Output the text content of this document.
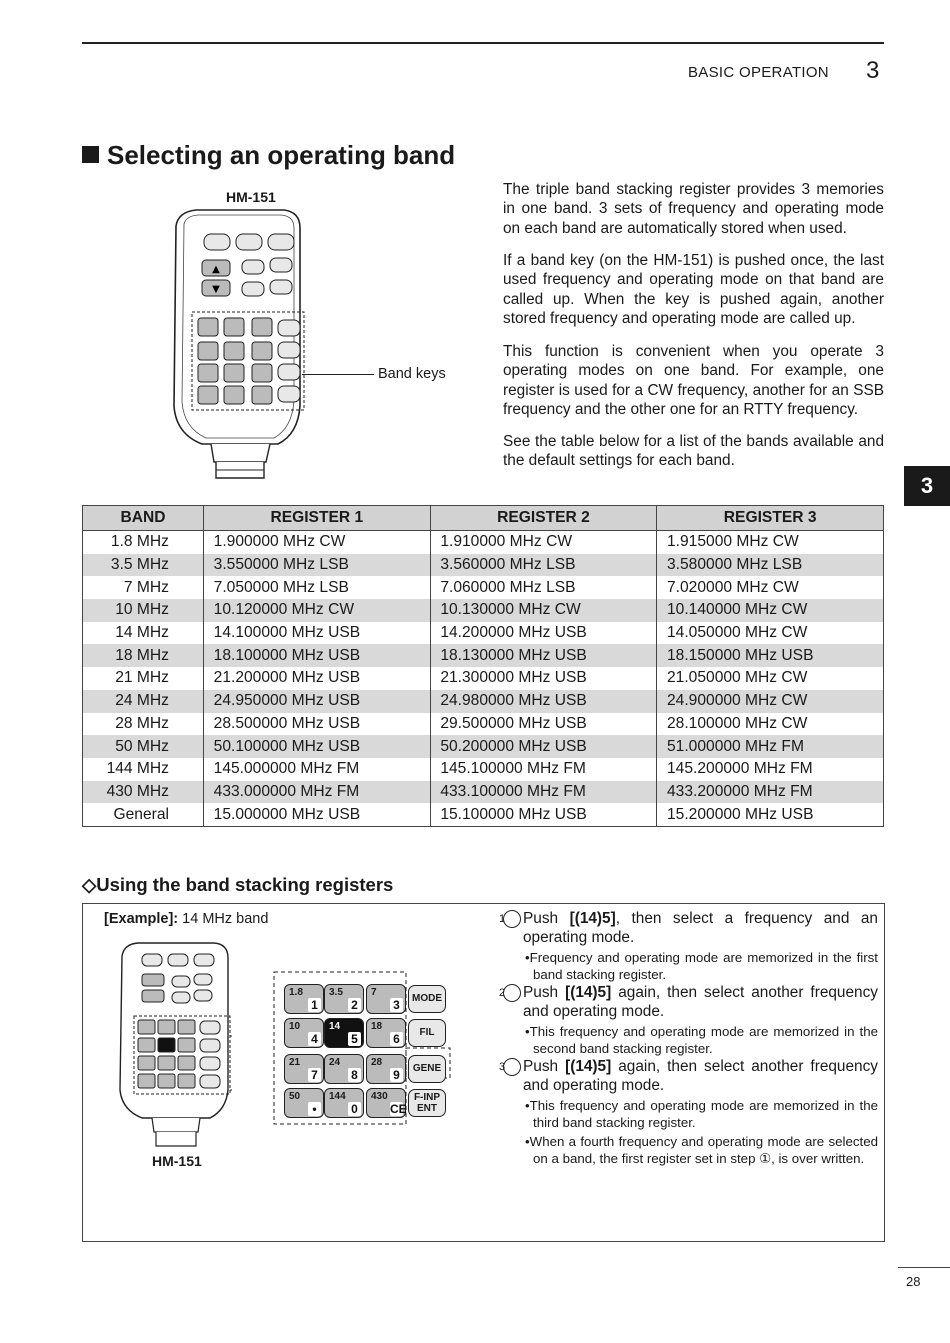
BASIC OPERATION 3
Selecting an operating band
HM-151
▲
▼
Band keys
The triple band stacking register provides 3 memories in one band. 3 sets of frequency and operating mode on each band are automatically stored when used.
If a band key (on the HM-151) is pushed once, the last used frequency and operating mode on that band are called up. When the key is pushed again, another stored frequency and operating mode are called up.
This function is convenient when you operate 3 operating modes on one band. For example, one register is used for a CW frequency, another for an SSB frequency and the other one for an RTTY frequency.
See the table below for a list of the bands available and the default settings for each band.
3
BAND	REGISTER 1	REGISTER 2	REGISTER 3
1.8 MHz	1.900000 MHz CW	1.910000 MHz CW	1.915000 MHz CW

3.5 MHz	3.550000 MHz LSB	3.560000 MHz LSB	3.580000 MHz LSB

7 MHz	7.050000 MHz LSB	7.060000 MHz LSB	7.020000 MHz CW

10 MHz	10.120000 MHz CW	10.130000 MHz CW	10.140000 MHz CW

14 MHz	14.100000 MHz USB	14.200000 MHz USB	14.050000 MHz CW

18 MHz	18.100000 MHz USB	18.130000 MHz USB	18.150000 MHz USB

21 MHz	21.200000 MHz USB	21.300000 MHz USB	21.050000 MHz CW

24 MHz	24.950000 MHz USB	24.980000 MHz USB	24.900000 MHz CW

28 MHz	28.500000 MHz USB	29.500000 MHz USB	28.100000 MHz CW

50 MHz	50.100000 MHz USB	50.200000 MHz USB	51.000000 MHz FM

144 MHz	145.000000 MHz FM	145.100000 MHz FM	145.200000 MHz FM

430 MHz	433.000000 MHz FM	433.100000 MHz FM	433.200000 MHz FM

General	15.000000 MHz USB	15.100000 MHz USB	15.200000 MHz USB
◇Using the band stacking registers
[Example]: 14 MHz band
HM-151
1.8
1
3.5
2
7
3
10
4
14
5
18
6
21
7
24
8
28
9
50
•
144
0
430
CE
MODE
FIL
GENE
F-INP ENT
1 Push [(14)5], then select a frequency and an operating mode.
•Frequency and operating mode are memorized in the first band stacking register.
2 Push [(14)5] again, then select another frequency and operating mode.
•This frequency and operating mode are memorized in the second band stacking register.
3 Push [(14)5] again, then select another frequency and operating mode.
•This frequency and operating mode are memorized in the third band stacking register.
•When a fourth frequency and operating mode are selected on a band, the first register set in step ①, is over written.
28
